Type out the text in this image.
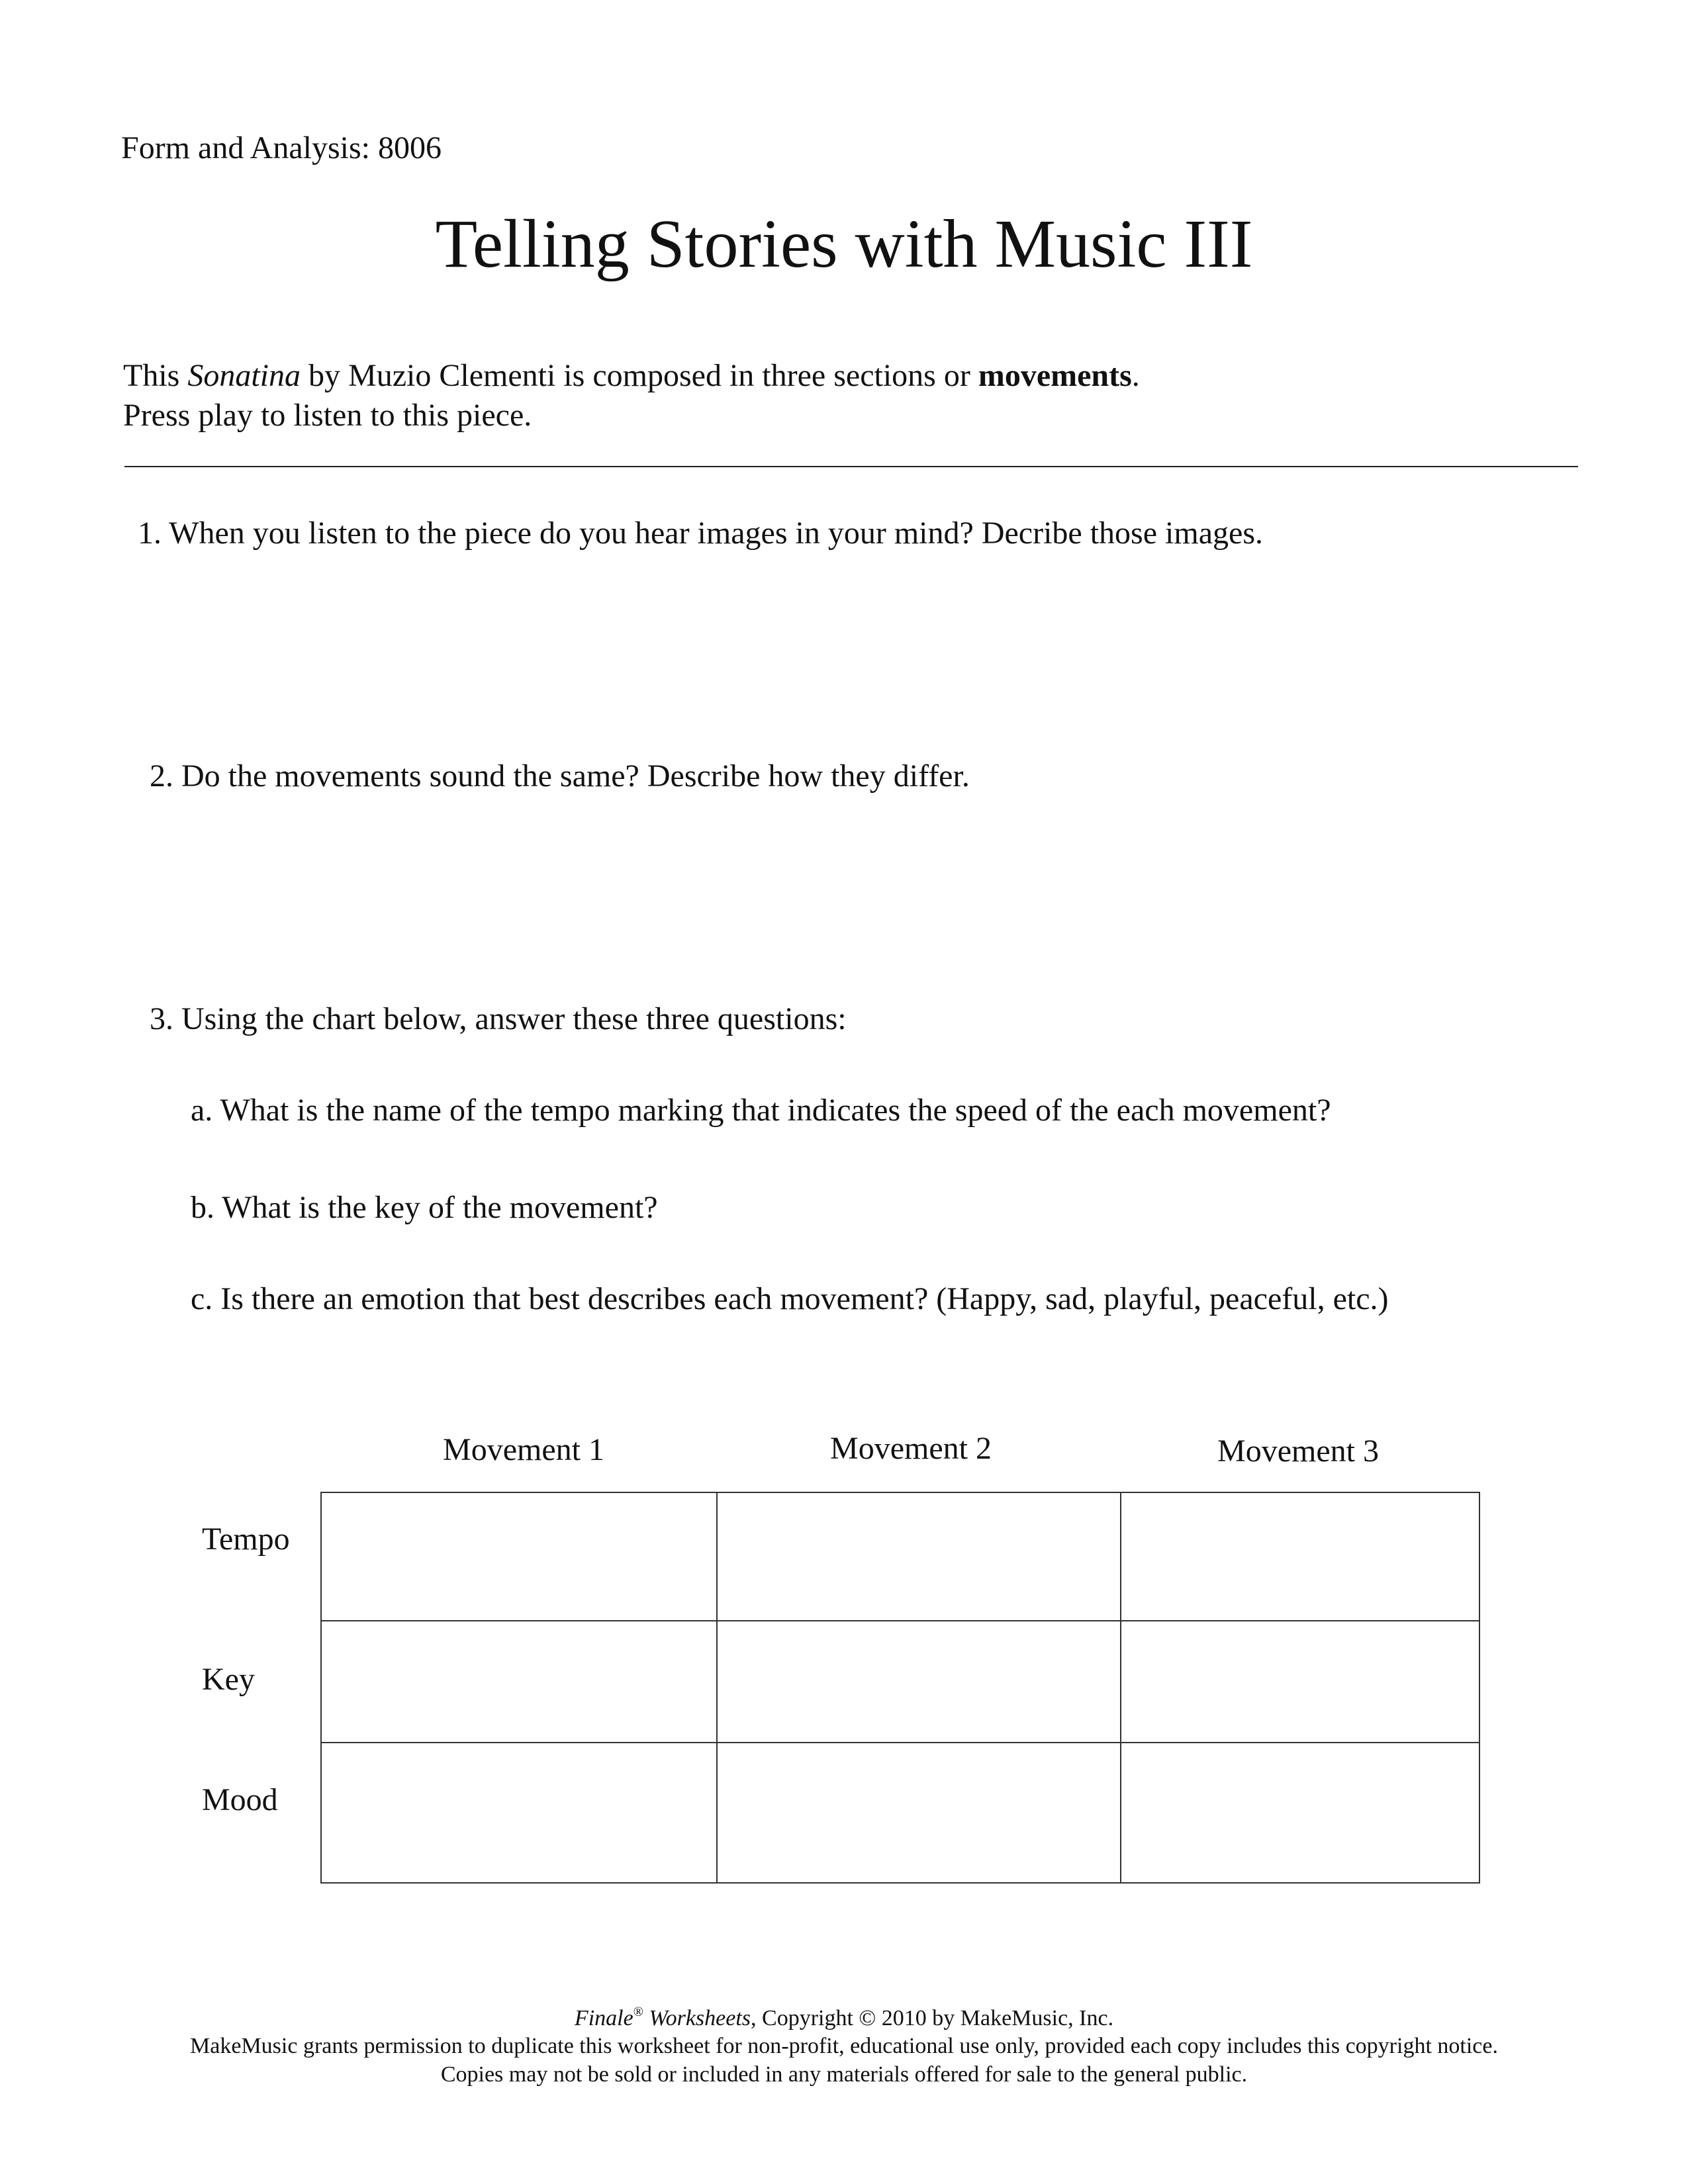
Form and Analysis: 8006
Telling Stories with Music III
This Sonatina by Muzio Clementi is composed in three sections or movements.
Press play to listen to this piece.
1. When you listen to the piece do you hear images in your mind? Decribe those images.
2. Do the movements sound the same? Describe how they differ.
3. Using the chart below, answer these three questions:
a. What is the name of the tempo marking that indicates the speed of the each movement?
b. What is the key of the movement?
c. Is there an emotion that best describes each movement? (Happy, sad, playful, peaceful, etc.)
Movement 1	Movement 2	Movement 3
Tempo
Key
Mood

Finale® Worksheets, Copyright © 2010 by MakeMusic, Inc.
MakeMusic grants permission to duplicate this worksheet for non-profit, educational use only, provided each copy includes this copyright notice.
Copies may not be sold or included in any materials offered for sale to the general public.
